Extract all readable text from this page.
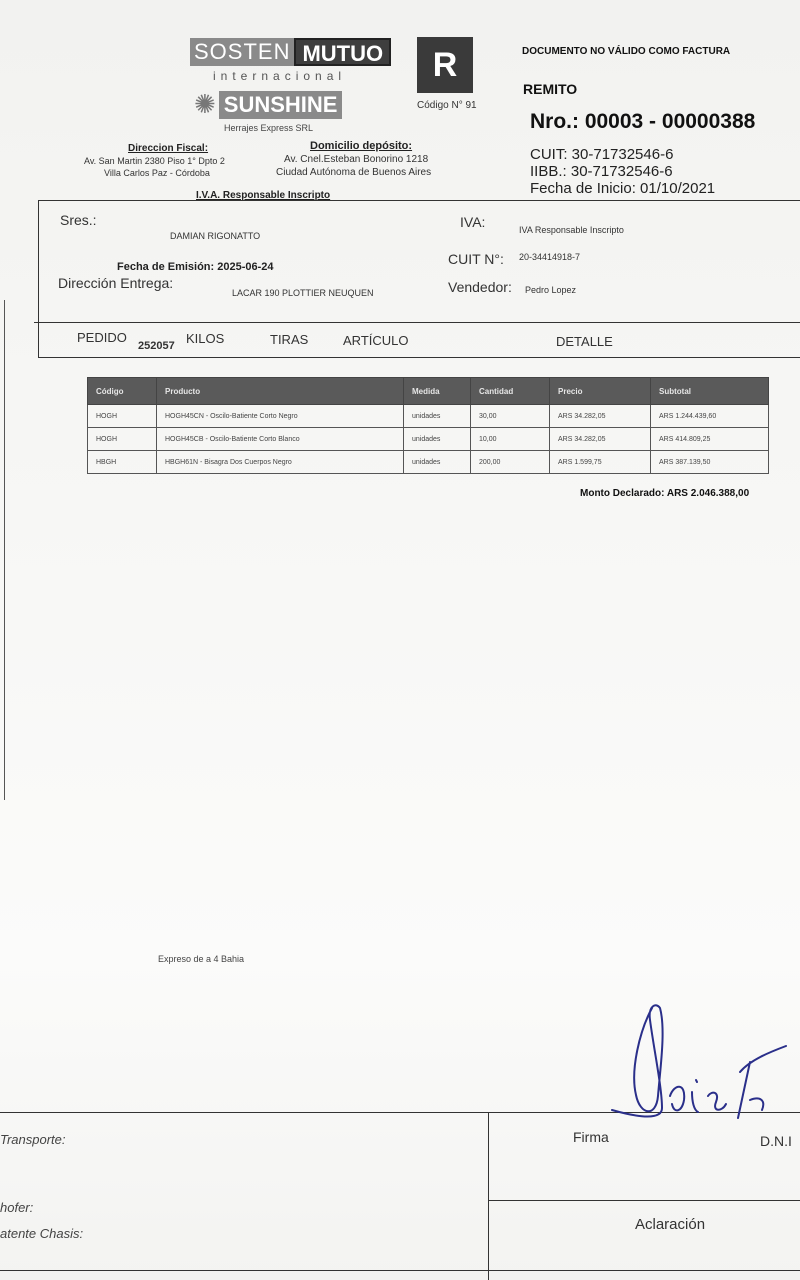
SOSTEN MUTUO
internacional
✺ SUNSHINE
Herrajes Express SRL
R
Código N° 91
DOCUMENTO NO VÁLIDO COMO FACTURA
REMITO
Nro.: 00003 - 00000388
CUIT: 30-71732546-6
IIBB.: 30-71732546-6
Fecha de Inicio: 01/10/2021
Direccion Fiscal:
Av. San Martin 2380 Piso 1° Dpto 2
Villa Carlos Paz - Córdoba
Domicilio depósito:
Av. Cnel.Esteban Bonorino 1218
Ciudad Autónoma de Buenos Aires
I.V.A. Responsable Inscripto
Sres.:
DAMIAN RIGONATTO
Fecha de Emisión: 2025-06-24
Dirección Entrega:
LACAR 190 PLOTTIER NEUQUEN
IVA:	IVA Responsable Inscripto
CUIT N°: 20-34414918-7
Vendedor: Pedro Lopez
PEDIDO
252057 KILOS	TIRAS	ARTÍCULO	DETALLE
Código	Producto	Medida	Cantidad	Precio	Subtotal
HOGH	HOGH45CN - Oscilo-Batiente Corto Negro	unidades	30,00	ARS 34.282,05	ARS 1.244.439,60
HOGH	HOGH45CB - Oscilo-Batiente Corto Blanco	unidades	10,00	ARS 34.282,05	ARS 414.809,25
HBGH	HBGH61N - Bisagra Dos Cuerpos Negro	unidades	200,00	ARS 1.599,75	ARS 387.139,50
Monto Declarado: ARS 2.046.388,00
Expreso de a 4 Bahia
Transporte:
hofer:
atente Chasis:
Firma	D.N.I
Aclaración
